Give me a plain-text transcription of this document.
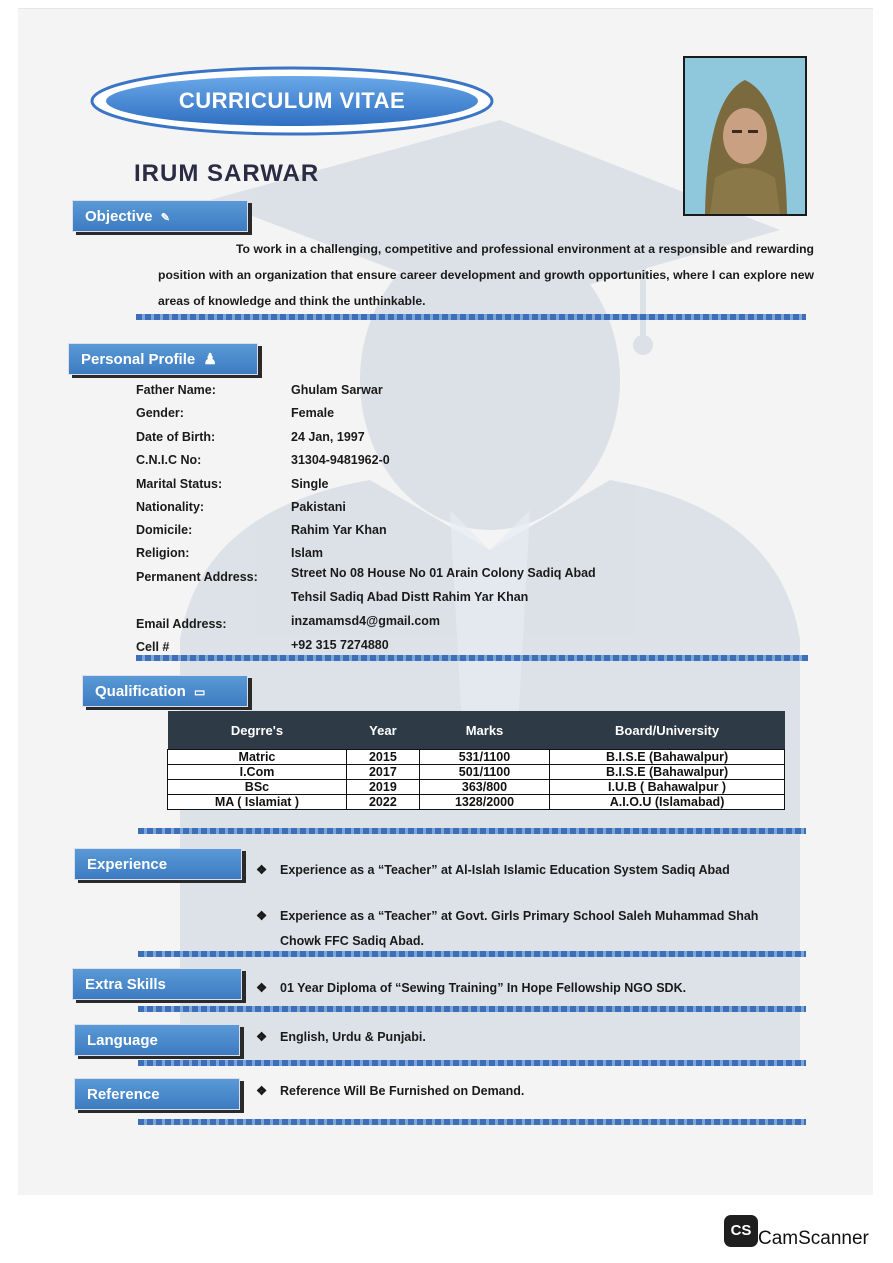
CURRICULUM VITAE
IRUM SARWAR
Objective ✎
To work in a challenging, competitive and professional environment at a responsible and rewarding position with an organization that ensure career development and growth opportunities, where I can explore new areas of knowledge and think the unthinkable.
Personal Profile ♟
Father Name:	Ghulam Sarwar
Gender:	Female
Date of Birth:	24 Jan, 1997
C.N.I.C No:	31304-9481962-0
Marital Status:	Single
Nationality:	Pakistani
Domicile:	Rahim Yar Khan
Religion:	Islam
Permanent Address:	Street No 08 House No 01 Arain Colony Sadiq Abad
Tehsil Sadiq Abad Distt Rahim Yar Khan
Email Address:	inzamamsd4@gmail.com
Cell #	+92 315 7274880
Qualification ▭
Degrre's	Year	Marks	Board/University
Matric	2015	531/1100	B.I.S.E (Bahawalpur)
I.Com	2017	501/1100	B.I.S.E (Bahawalpur)
BSc	2019	363/800	I.U.B ( Bahawalpur )
MA ( Islamiat )	2022	1328/2000	A.I.O.U (Islamabad)
Experience	❖ Experience as a “Teacher” at Al-Islah Islamic Education System Sadiq Abad
❖ Experience as a “Teacher” at Govt. Girls Primary School Saleh Muhammad Shah
Chowk FFC Sadiq Abad.
Extra Skills	❖ 01 Year Diploma of “Sewing Training” In Hope Fellowship NGO SDK.
Language	❖ English, Urdu & Punjabi.
Reference	❖ Reference Will Be Furnished on Demand.
CS CamScanner
